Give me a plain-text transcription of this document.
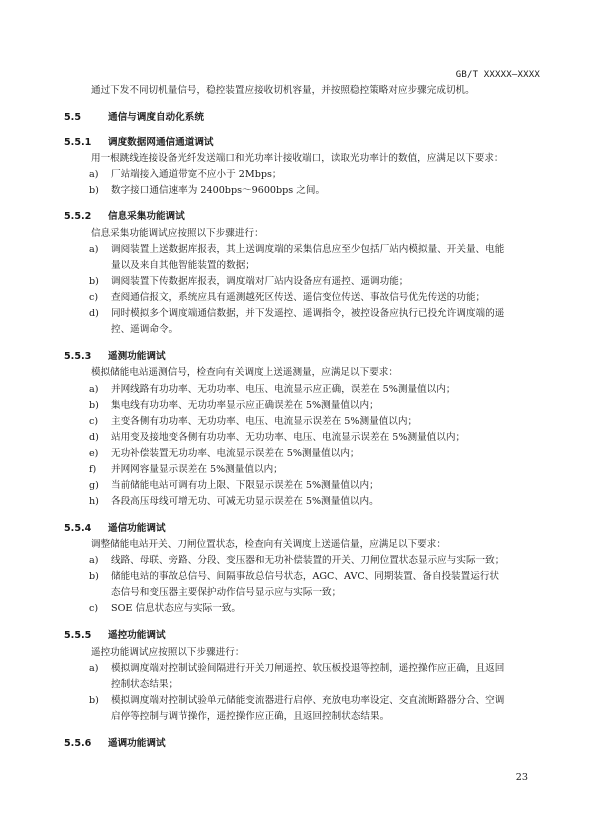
GB/T XXXXX—XXXX
通过下发不同切机量信号，稳控装置应接收切机容量，并按照稳控策略对应步骤完成切机。
5.5	通信与调度自动化系统
5.5.1 调度数据网通信通道调试
用一根跳线连接设备光纤发送端口和光功率计接收端口，读取光功率计的数值，应满足以下要求：
a) 厂站端接入通道带宽不应小于 2Mbps；
b) 数字接口通信速率为 2400bps～9600bps 之间。
5.5.2 信息采集功能调试
信息采集功能调试应按照以下步骤进行：
a) 调阅装置上送数据库报表，其上送调度端的采集信息应至少包括厂站内模拟量、开关量、电能
量以及来自其他智能装置的数据；
b) 调阅装置下传数据库报表，调度端对厂站内设备应有遥控、遥调功能；
c) 查阅通信报文，系统应具有遥测越死区传送、遥信变位传送、事故信号优先传送的功能；
d) 同时模拟多个调度端通信数据，并下发遥控、遥调指令，被控设备应执行已投允许调度端的遥
控、遥调命令。
5.5.3 遥测功能调试
模拟储能电站遥测信号，检查向有关调度上送遥测量，应满足以下要求：
a) 并网线路有功功率、无功功率、电压、电流显示应正确，误差在 5%测量值以内；
b) 集电线有功功率、无功功率显示应正确误差在 5%测量值以内；
c) 主变各侧有功功率、无功功率、电压、电流显示误差在 5%测量值以内；
d) 站用变及接地变各侧有功功率、无功功率、电压、电流显示误差在 5%测量值以内；
e) 无功补偿装置无功功率、电流显示误差在 5%测量值以内；
f) 并网网容量显示误差在 5%测量值以内；
g) 当前储能电站可调有功上限、下限显示误差在 5%测量值以内；
h) 各段高压母线可增无功、可减无功显示误差在 5%测量值以内。
5.5.4 遥信功能调试
调整储能电站开关、刀闸位置状态，检查向有关调度上送遥信量，应满足以下要求：
a) 线路、母联、旁路、分段、变压器和无功补偿装置的开关、刀闸位置状态显示应与实际一致；
b) 储能电站的事故总信号、间隔事故总信号状态，AGC、AVC、同期装置、备自投装置运行状
态信号和变压器主要保护动作信号显示应与实际一致；
c) SOE 信息状态应与实际一致。
5.5.5 遥控功能调试
遥控功能调试应按照以下步骤进行：
a) 模拟调度端对控制试验间隔进行开关刀闸遥控、软压板投退等控制，遥控操作应正确，且返回
控制状态结果；
b) 模拟调度端对控制试验单元储能变流器进行启停、充放电功率设定、交直流断路器分合、空调
启停等控制与调节操作，遥控操作应正确，且返回控制状态结果。
5.5.6 遥调功能调试
23
